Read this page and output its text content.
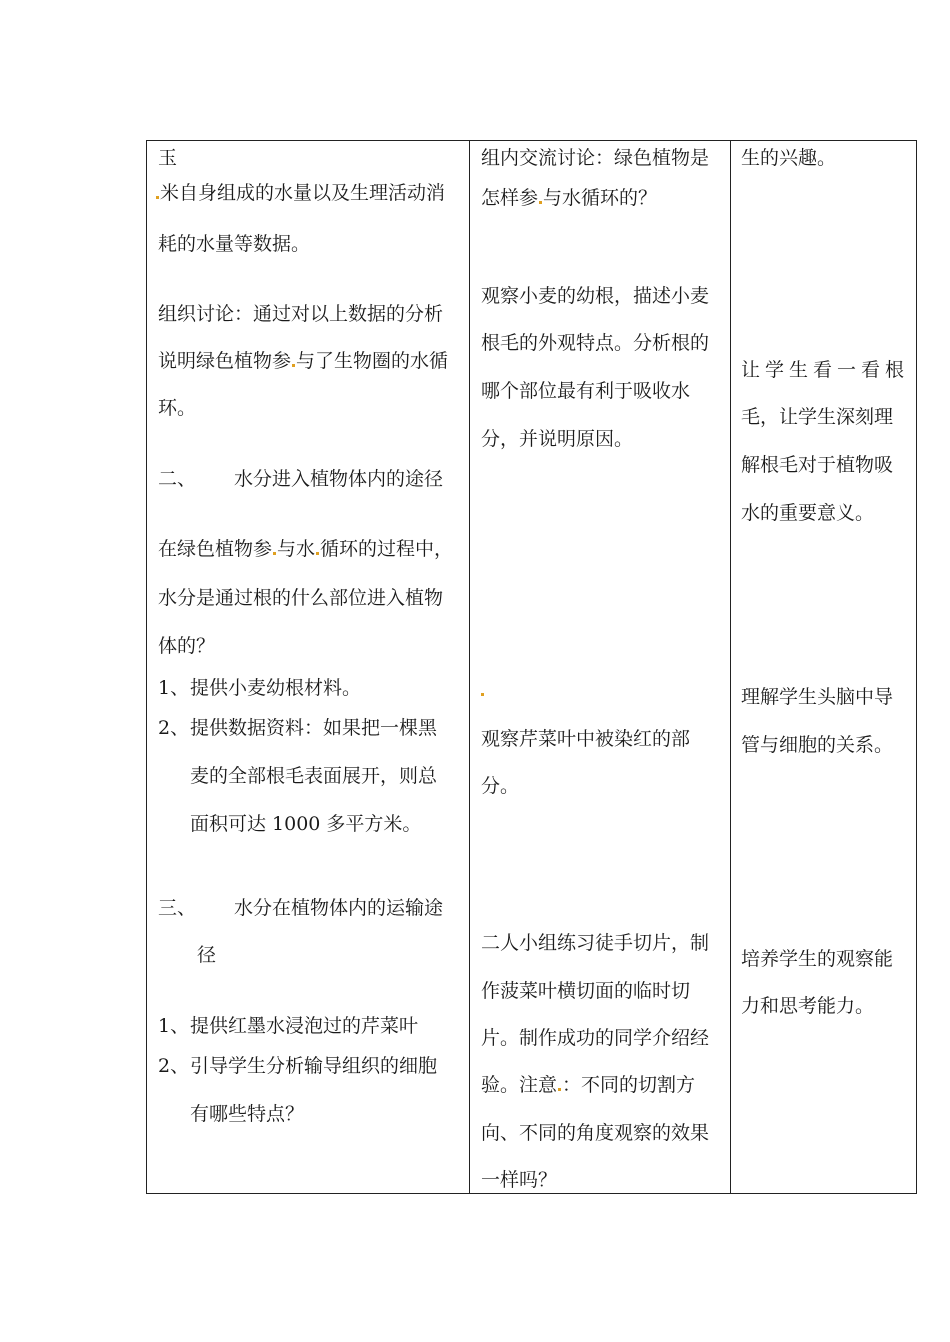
玉
米自身组成的水量以及生理活动消
耗的水量等数据。
组织讨论：通过对以上数据的分析
说明绿色植物参 与了生物圈的水循
环。
二、 水分进入植物体内的途径
在绿色植物参 与水 循环的过程中，
水分是通过根的什么部位进入植物
体的？
1、 提供小麦幼根材料。
2、 提供数据资料：如果把一棵黑
麦的全部根毛表面展开，则总
面积可达 1000 多平方米。
三、 水分在植物体内的运输途
径
1、 提供红墨水浸泡过的芹菜叶
2、 引导学生分析输导组织的细胞
有哪些特点？
组内交流讨论：绿色植物是
怎样参 与水循环的？
观察小麦的幼根，描述小麦
根毛的外观特点。分析根的
哪个部位最有利于吸收水
分，并说明原因。
观察芹菜叶中被染红的部
分。
二人小组练习徒手切片，制
作菠菜叶横切面的临时切
片。制作成功的同学介绍经
验。注意 ：不同的切割方
向、不同的角度观察的效果
一样吗？
生的兴趣。
让学生看一看根
毛，让学生深刻理
解根毛对于植物吸
水的重要意义。
理解学生头脑中导
管与细胞的关系。
培养学生的观察能
力和思考能力。
